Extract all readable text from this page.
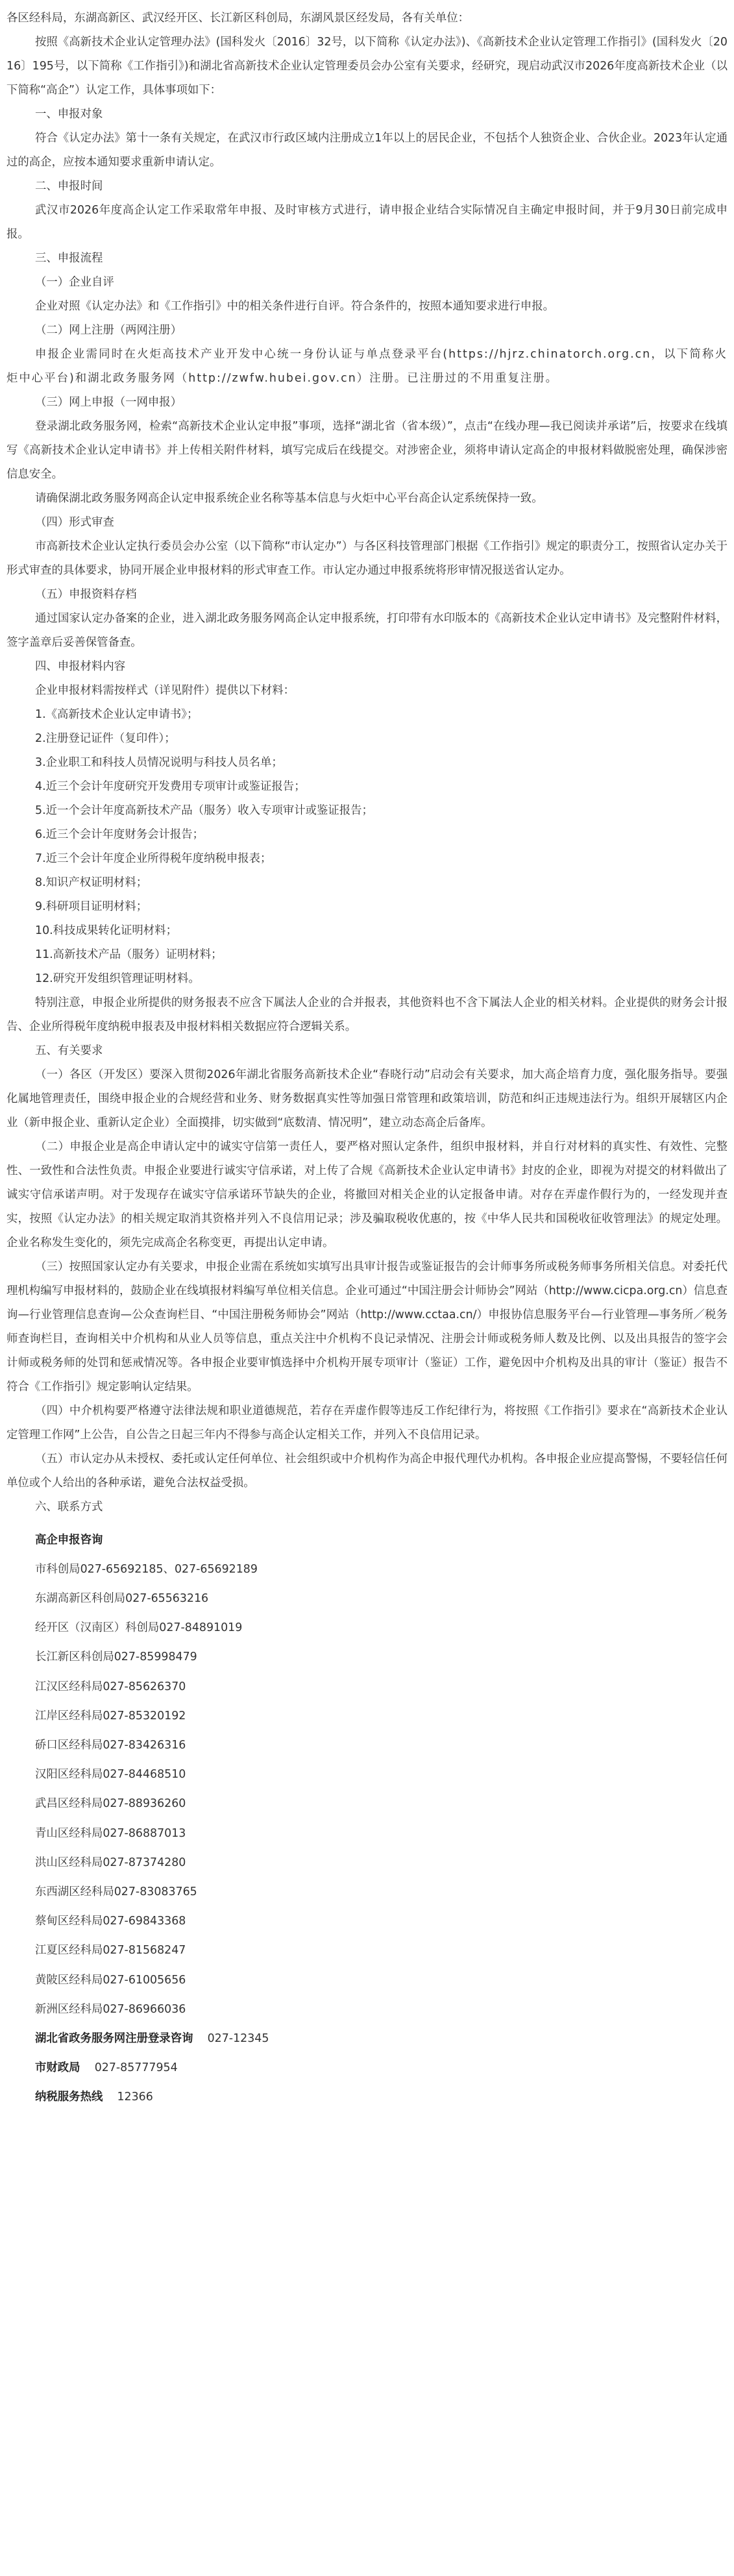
各区经科局，东湖高新区、武汉经开区、长江新区科创局，东湖风景区经发局，各有关单位：

按照《高新技术企业认定管理办法》(国科发火〔2016〕32号，以下简称《认定办法》)、《高新技术企业认定管理工作指引》(国科发火〔2016〕195号，以下简称《工作指引》)和湖北省高新技术企业认定管理委员会办公室有关要求，经研究，现启动武汉市2026年度高新技术企业（以下简称“高企”）认定工作，具体事项如下：

一、申报对象

符合《认定办法》第十一条有关规定，在武汉市行政区域内注册成立1年以上的居民企业，不包括个人独资企业、合伙企业。2023年认定通过的高企，应按本通知要求重新申请认定。

二、申报时间

武汉市2026年度高企认定工作采取常年申报、及时审核方式进行，请申报企业结合实际情况自主确定申报时间，并于9月30日前完成申报。

三、申报流程

（一）企业自评

企业对照《认定办法》和《工作指引》中的相关条件进行自评。符合条件的，按照本通知要求进行申报。

（二）网上注册（两网注册）

申报企业需同时在火炬高技术产业开发中心统一身份认证与单点登录平台(https://hjrz.chinatorch.org.cn，以下简称火炬中心平台)和湖北政务服务网（http://zwfw.hubei.gov.cn）注册。已注册过的不用重复注册。

（三）网上申报（一网申报）

登录湖北政务服务网，检索“高新技术企业认定申报”事项，选择“湖北省（省本级）”，点击“在线办理—我已阅读并承诺”后，按要求在线填写《高新技术企业认定申请书》并上传相关附件材料，填写完成后在线提交。对涉密企业，须将申请认定高企的申报材料做脱密处理，确保涉密信息安全。

请确保湖北政务服务网高企认定申报系统企业名称等基本信息与火炬中心平台高企认定系统保持一致。

（四）形式审查

市高新技术企业认定执行委员会办公室（以下简称“市认定办”）与各区科技管理部门根据《工作指引》规定的职责分工，按照省认定办关于形式审查的具体要求，协同开展企业申报材料的形式审查工作。市认定办通过申报系统将形审情况报送省认定办。

（五）申报资料存档

通过国家认定办备案的企业，进入湖北政务服务网高企认定申报系统，打印带有水印版本的《高新技术企业认定申请书》及完整附件材料，签字盖章后妥善保管备查。

四、申报材料内容

企业申报材料需按样式（详见附件）提供以下材料：

1.《高新技术企业认定申请书》；

2.注册登记证件（复印件）；

3.企业职工和科技人员情况说明与科技人员名单；

4.近三个会计年度研究开发费用专项审计或鉴证报告；

5.近一个会计年度高新技术产品（服务）收入专项审计或鉴证报告；

6.近三个会计年度财务会计报告；

7.近三个会计年度企业所得税年度纳税申报表；

8.知识产权证明材料；

9.科研项目证明材料；

10.科技成果转化证明材料；

11.高新技术产品（服务）证明材料；

12.研究开发组织管理证明材料。

特别注意，申报企业所提供的财务报表不应含下属法人企业的合并报表，其他资料也不含下属法人企业的相关材料。企业提供的财务会计报告、企业所得税年度纳税申报表及申报材料相关数据应符合逻辑关系。

五、有关要求

（一）各区（开发区）要深入贯彻2026年湖北省服务高新技术企业“春晓行动”启动会有关要求，加大高企培育力度，强化服务指导。要强化属地管理责任，围绕申报企业的合规经营和业务、财务数据真实性等加强日常管理和政策培训，防范和纠正违规违法行为。组织开展辖区内企业（新申报企业、重新认定企业）全面摸排，切实做到“底数清、情况明”，建立动态高企后备库。

（二）申报企业是高企申请认定中的诚实守信第一责任人，要严格对照认定条件，组织申报材料，并自行对材料的真实性、有效性、完整性、一致性和合法性负责。申报企业要进行诚实守信承诺，对上传了合规《高新技术企业认定申请书》封皮的企业，即视为对提交的材料做出了诚实守信承诺声明。对于发现存在诚实守信承诺环节缺失的企业，将撤回对相关企业的认定报备申请。对存在弄虚作假行为的，一经发现并查实，按照《认定办法》的相关规定取消其资格并列入不良信用记录；涉及骗取税收优惠的，按《中华人民共和国税收征收管理法》的规定处理。企业名称发生变化的，须先完成高企名称变更，再提出认定申请。

（三）按照国家认定办有关要求，申报企业需在系统如实填写出具审计报告或鉴证报告的会计师事务所或税务师事务所相关信息。对委托代理机构编写申报材料的，鼓励企业在线填报材料编写单位相关信息。企业可通过“中国注册会计师协会”网站（http://www.cicpa.org.cn）信息查询—行业管理信息查询—公众查询栏目、“中国注册税务师协会”网站（http://www.cctaa.cn/）申报协信息服务平台—行业管理—事务所／税务师查询栏目，查询相关中介机构和从业人员等信息，重点关注中介机构不良记录情况、注册会计师或税务师人数及比例、以及出具报告的签字会计师或税务师的处罚和惩戒情况等。各申报企业要审慎选择中介机构开展专项审计（鉴证）工作，避免因中介机构及出具的审计（鉴证）报告不符合《工作指引》规定影响认定结果。

（四）中介机构要严格遵守法律法规和职业道德规范，若存在弄虚作假等违反工作纪律行为，将按照《工作指引》要求在“高新技术企业认定管理工作网”上公告，自公告之日起三年内不得参与高企认定相关工作，并列入不良信用记录。

（五）市认定办从未授权、委托或认定任何单位、社会组织或中介机构作为高企申报代理代办机构。各申报企业应提高警惕，不要轻信任何单位或个人给出的各种承诺，避免合法权益受损。

六、联系方式

高企申报咨询

市科创局027-65692185、027-65692189

东湖高新区科创局027-65563216

经开区（汉南区）科创局027-84891019

长江新区科创局027-85998479

江汉区经科局027-85626370

江岸区经科局027-85320192

硚口区经科局027-83426316

汉阳区经科局027-84468510

武昌区经科局027-88936260

青山区经科局027-86887013

洪山区经科局027-87374280

东西湖区经科局027-83083765

蔡甸区经科局027-69843368

江夏区经科局027-81568247

黄陂区经科局027-61005656

新洲区经科局027-86966036

湖北省政务服务网注册登录咨询 027-12345

市财政局 027-85777954

纳税服务热线 12366
